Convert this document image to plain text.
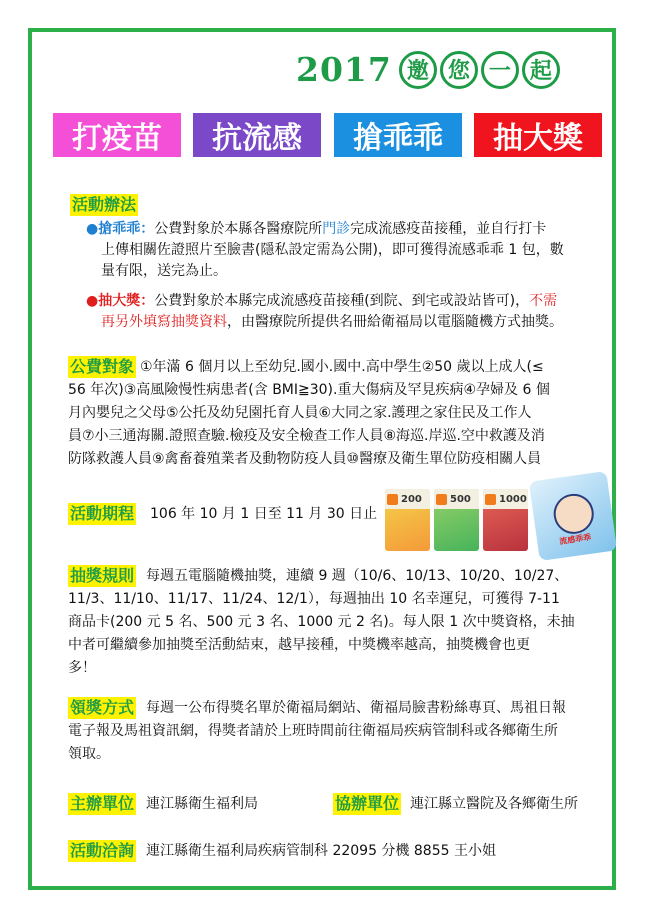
2017 邀 您 一 起
打疫苗	抗流感	搶乖乖	抽大獎
活動辦法
●搶乖乖：公費對象於本縣各醫療院所門診完成流感疫苗接種，並自行打卡
上傳相關佐證照片至臉書(隱私設定需為公開)，即可獲得流感乖乖 1 包，數
量有限，送完為止。
●抽大獎：公費對象於本縣完成流感疫苗接種(到院、到宅或設站皆可)，不需
再另外填寫抽獎資料，由醫療院所提供名冊給衛福局以電腦隨機方式抽獎。
公費對象 ①年滿 6 個月以上至幼兒.國小.國中.高中學生②50 歲以上成人(≤
56 年次)③高風險慢性病患者(含 BMI≧30).重大傷病及罕見疾病④孕婦及 6 個
月內嬰兒之父母⑤公托及幼兒園托育人員⑥大同之家.護理之家住民及工作人
員⑦小三通海關.證照查驗.檢疫及安全檢查工作人員⑧海巡.岸巡.空中救護及消
防隊救護人員⑨禽畜養殖業者及動物防疫人員⑩醫療及衛生單位防疫相關人員
活動期程 106 年 10 月 1 日至 11 月 30 日止
200	500	1000
流感乖乖
抽獎規則 每週五電腦隨機抽獎，連續 9 週（10/6、10/13、10/20、10/27、
11/3、11/10、11/17、11/24、12/1），每週抽出 10 名幸運兒，可獲得 7-11
商品卡(200 元 5 名、500 元 3 名、1000 元 2 名)。每人限 1 次中獎資格，未抽
中者可繼續參加抽獎至活動結束，越早接種，中獎機率越高，抽獎機會也更
多！
領獎方式 每週一公布得獎名單於衛福局網站、衛福局臉書粉絲專頁、馬祖日報
電子報及馬祖資訊網，得獎者請於上班時間前往衛福局疾病管制科或各鄉衛生所
領取。
主辦單位 連江縣衛生福利局	協辦單位 連江縣立醫院及各鄉衛生所
活動洽詢 連江縣衛生福利局疾病管制科 22095 分機 8855 王小姐
